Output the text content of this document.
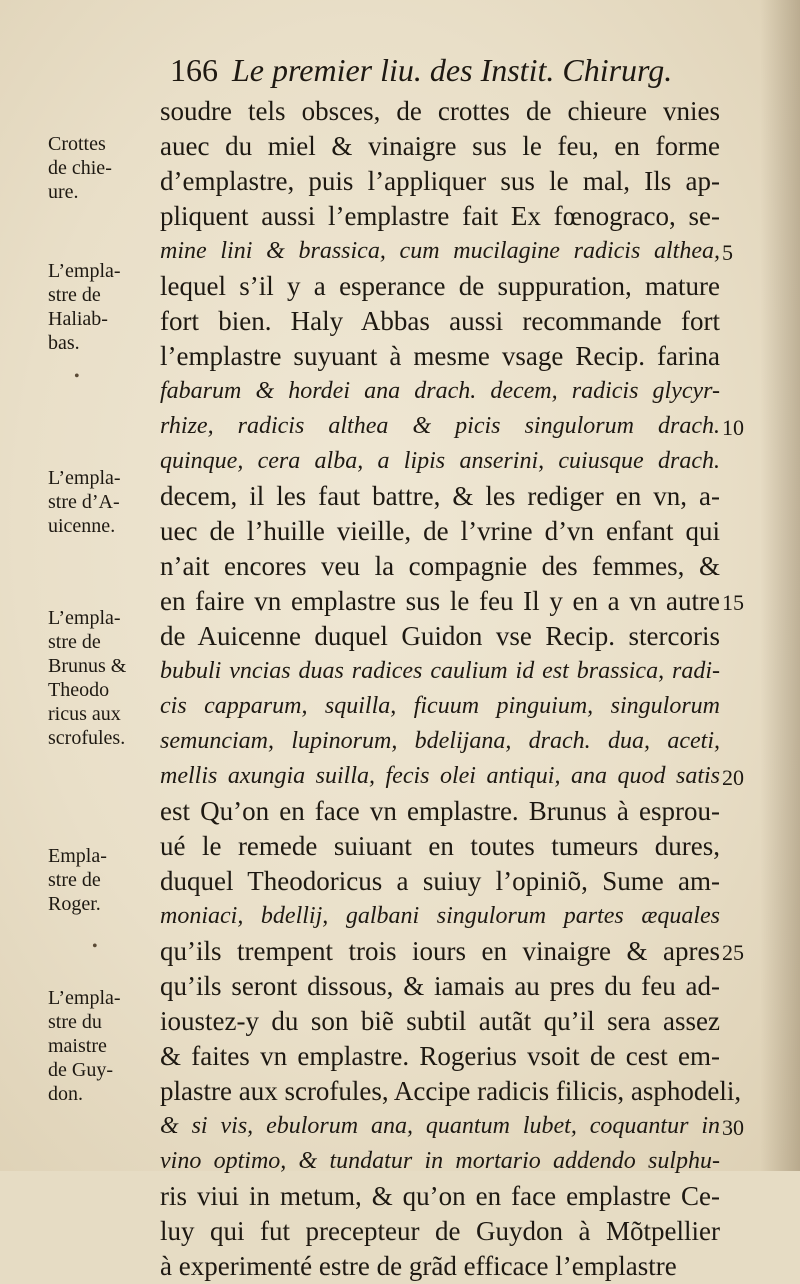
166 Le premier liu. des Instit. Chirurg.
soudre tels obsces, de crottes de chieure vnies
auec du miel & vinaigre sus le feu, en forme
d’emplastre, puis l’appliquer sus le mal, Ils ap-
pliquent aussi l’emplastre fait Ex fœnograco, se-
mine lini & brassica, cum mucilagine radicis althea,
lequel s’il y a esperance de suppuration, mature
fort bien. Haly Abbas aussi recommande fort
l’emplastre suyuant à mesme vsage Recip. farina
fabarum & hordei ana drach. decem, radicis glycyr-
rhize, radicis althea & picis singulorum drach.
quinque, cera alba, a lipis anserini, cuiusque drach.
decem, il les faut battre, & les rediger en vn, a-
uec de l’huille vieille, de l’vrine d’vn enfant qui
n’ait encores veu la compagnie des femmes, &
en faire vn emplastre sus le feu Il y en a vn autre
de Auicenne duquel Guidon vse Recip. stercoris
bubuli vncias duas radices caulium id est brassica, radi-
cis capparum, squilla, ficuum pinguium, singulorum
semunciam, lupinorum, bdelijana, drach. dua, aceti,
mellis axungia suilla, fecis olei antiqui, ana quod satis
est Qu’on en face vn emplastre. Brunus à esprou-
ué le remede suiuant en toutes tumeurs dures,
duquel Theodoricus a suiuy l’opiniõ, Sume am-
moniaci, bdellij, galbani singulorum partes æquales
qu’ils trempent trois iours en vinaigre & apres
qu’ils seront dissous, & iamais au pres du feu ad-
ioustez-y du son biẽ subtil autãt qu’il sera assez
& faites vn emplastre. Rogerius vsoit de cest em-
plastre aux scrofules, Accipe radicis filicis, asphodeli,
& si vis, ebulorum ana, quantum lubet, coquantur in
vino optimo, & tundatur in mortario addendo sulphu-
ris viui in metum, & qu’on en face emplastre Ce-
luy qui fut precepteur de Guydon à Mõtpellier
à experimenté estre de grãd efficace l’emplastre
Crottes
de chie-
ure.
L’empla-
stre de
Haliab-
bas.
L’empla-
stre d’A-
uicenne.
L’empla-
stre de
Brunus &
Theodo
ricus aux
scrofules.
Empla-
stre de
Roger.
L’empla-
stre du
maistre
de Guy-
don.
5
10
15
20
25
30
•
•
